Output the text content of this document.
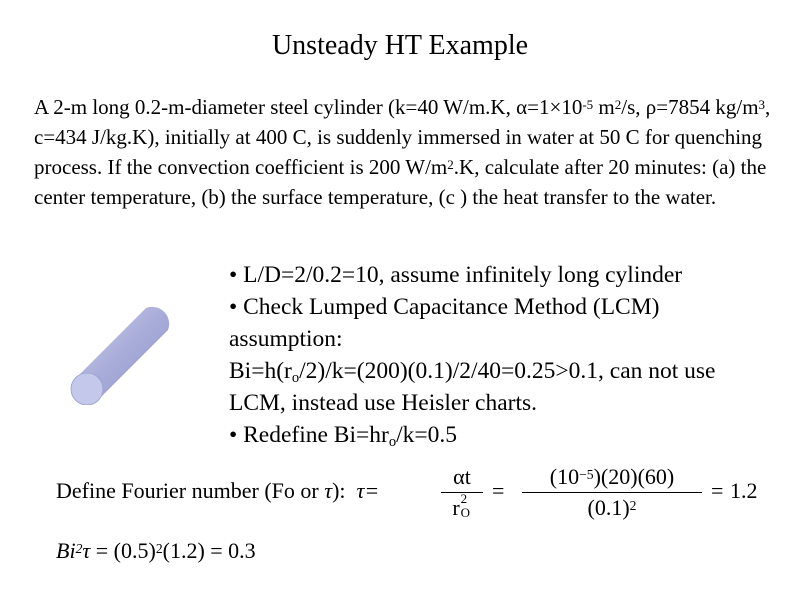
Unsteady HT Example

A 2-m long 0.2-m-diameter steel cylinder (k=40 W/m.K, $\alpha=1\times 10^{-5}$ $m^2/s$, ρ=7854 $kg/m^3$, c=434 J/kg.K), initially at 400 C, is suddenly immersed in water at 50 C for quenching process. If the convection coefficient is 200 $W/m^2.K$, calculate after 20 minutes: (a) the center temperature, (b) the surface temperature, (c ) the heat transfer to the water.

• L/D=2/0.2=10, assume infinitely long cylinder
• Check Lumped Capacitance Method (LCM) assumption:
$Bi=h(r_o/2)/k=(200)(0.1)/2/40=0.25>0.1$, can not use LCM, instead use Heisler charts.
• Redefine $Bi=hr_o/k=0.5$
Define Fourier number (Fo or τ): τ=
αt
r 2
O
=
$(10^{-5})(20)(60)$
$(0.1)^2$
= 1.2
$Bi^2\tau = (0.5)^2(1.2) = 0.3$
